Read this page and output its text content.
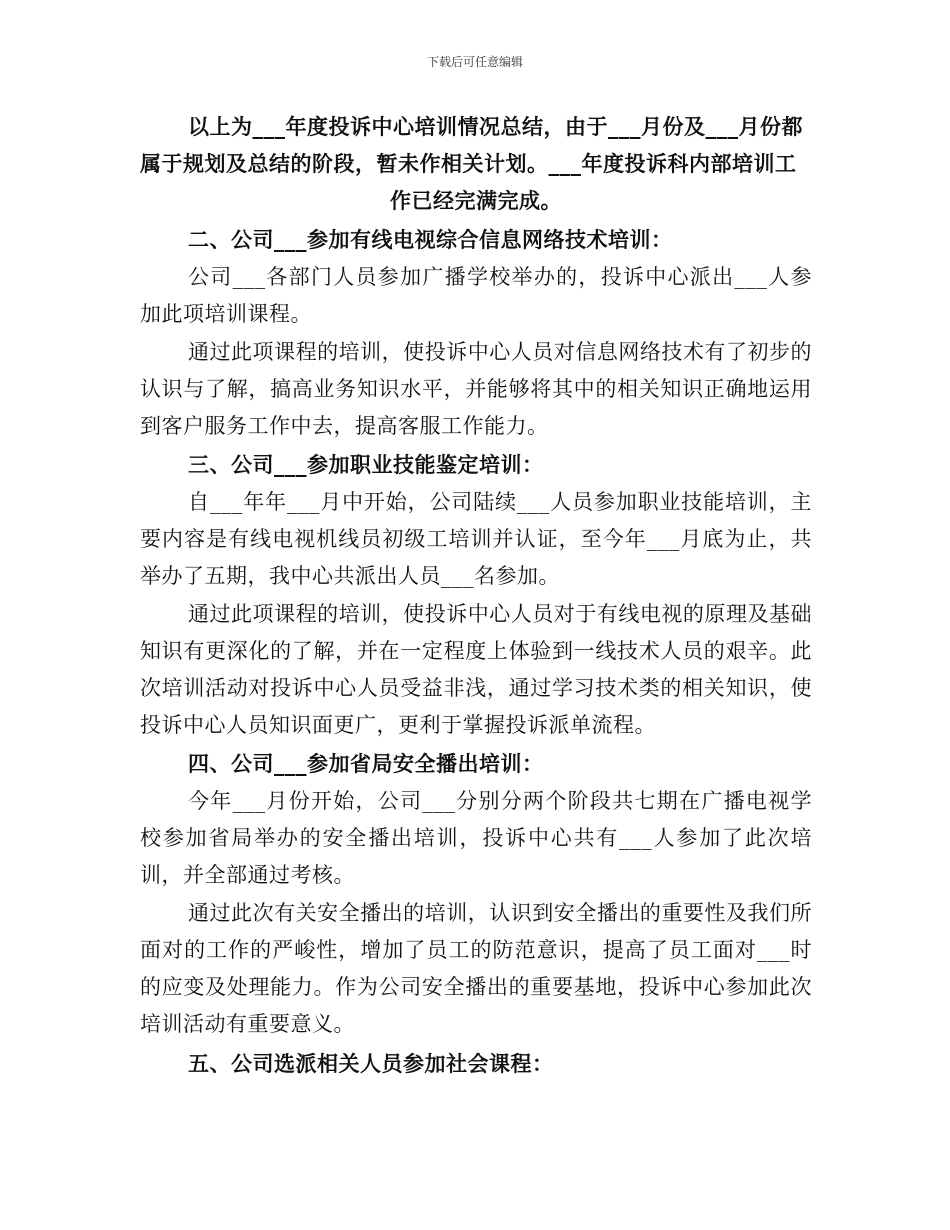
下载后可任意编辑
以上为___年度投诉中心培训情况总结，由于___月份及___月份都
属于规划及总结的阶段，暂未作相关计划。___年度投诉科内部培训工
作已经完满完成。

二、公司___参加有线电视综合信息网络技术培训：

公司___各部门人员参加广播学校举办的，投诉中心派出___人参加此项培训课程。

通过此项课程的培训，使投诉中心人员对信息网络技术有了初步的认识与了解，搞高业务知识水平，并能够将其中的相关知识正确地运用到客户服务工作中去，提高客服工作能力。

三、公司___参加职业技能鉴定培训：

自___年年___月中开始，公司陆续___人员参加职业技能培训，主要内容是有线电视机线员初级工培训并认证，至今年___月底为止，共举办了五期，我中心共派出人员___名参加。

通过此项课程的培训，使投诉中心人员对于有线电视的原理及基础知识有更深化的了解，并在一定程度上体验到一线技术人员的艰辛。此次培训活动对投诉中心人员受益非浅，通过学习技术类的相关知识，使投诉中心人员知识面更广，更利于掌握投诉派单流程。

四、公司___参加省局安全播出培训：

今年___月份开始，公司___分别分两个阶段共七期在广播电视学校参加省局举办的安全播出培训，投诉中心共有___人参加了此次培训，并全部通过考核。

通过此次有关安全播出的培训，认识到安全播出的重要性及我们所面对的工作的严峻性，增加了员工的防范意识，提高了员工面对___时的应变及处理能力。作为公司安全播出的重要基地，投诉中心参加此次培训活动有重要意义。

五、公司选派相关人员参加社会课程：
